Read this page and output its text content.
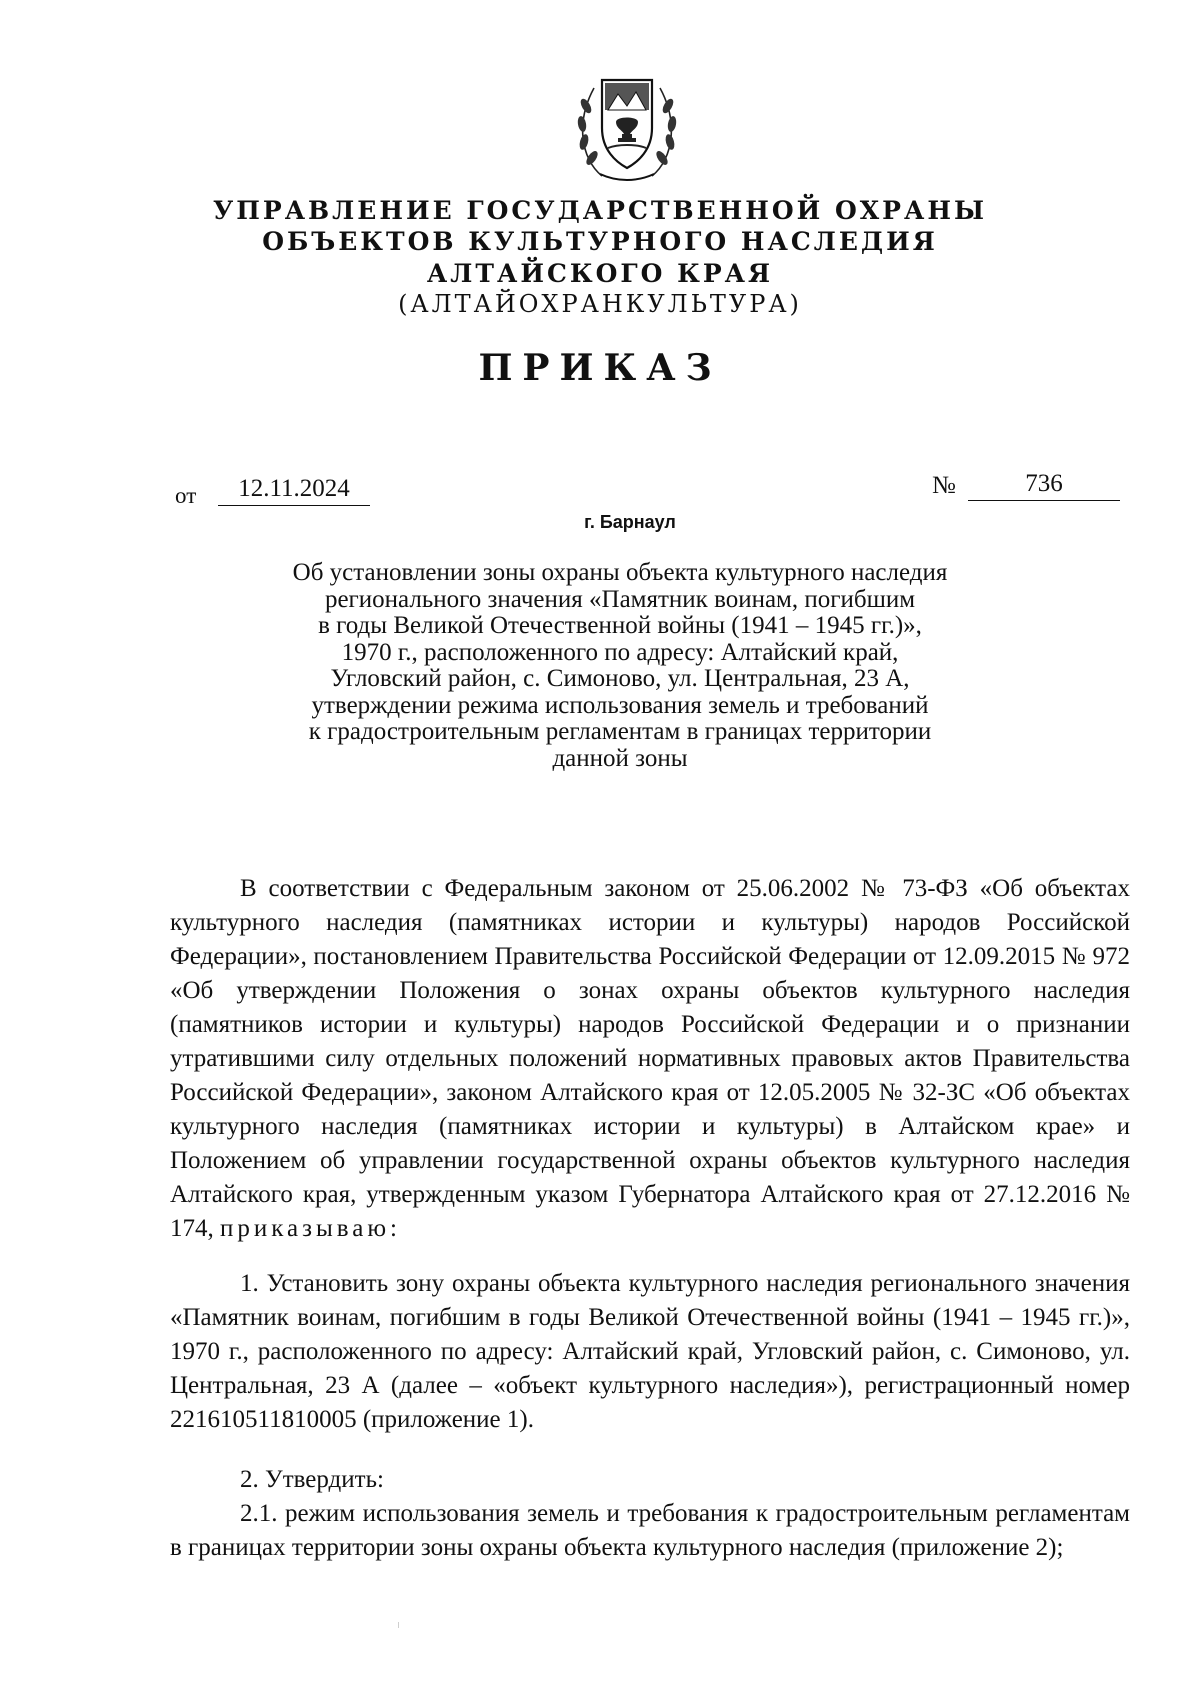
УПРАВЛЕНИЕ ГОСУДАРСТВЕННОЙ ОХРАНЫ
ОБЪЕКТОВ КУЛЬТУРНОГО НАСЛЕДИЯ
АЛТАЙСКОГО КРАЯ
(АЛТАЙОХРАНКУЛЬТУРА)
ПРИКАЗ
от	12.11.2024	№	736
г. Барнаул
Об установлении зоны охраны объекта культурного наследия
регионального значения «Памятник воинам, погибшим
в годы Великой Отечественной войны (1941 – 1945 гг.)»,
1970 г., расположенного по адресу: Алтайский край,
Угловский район, с. Симоново, ул. Центральная, 23 А,
утверждении режима использования земель и требований
к градостроительным регламентам в границах территории
данной зоны
В соответствии с Федеральным законом от 25.06.2002 № 73-ФЗ «Об объектах культурного наследия (памятниках истории и культуры) народов Российской Федерации», постановлением Правительства Российской Федерации от 12.09.2015 № 972 «Об утверждении Положения о зонах охраны объектов культурного наследия (памятников истории и культуры) народов Российской Федерации и о признании утратившими силу отдельных положений нормативных правовых актов Правительства Российской Федерации», законом Алтайского края от 12.05.2005 № 32-ЗС «Об объектах культурного наследия (памятниках истории и культуры) в Алтайском крае» и Положением об управлении государственной охраны объектов культурного наследия Алтайского края, утвержденным указом Губернатора Алтайского края от 27.12.2016 № 174, приказываю:
1. Установить зону охраны объекта культурного наследия регионального значения «Памятник воинам, погибшим в годы Великой Отечественной войны (1941 – 1945 гг.)», 1970 г., расположенного по адресу: Алтайский край, Угловский район, с. Симоново, ул. Центральная, 23 А (далее – «объект культурного наследия»), регистрационный номер 221610511810005 (приложение 1).
2. Утвердить:
2.1. режим использования земель и требования к градостроительным регламентам в границах территории зоны охраны объекта культурного наследия (приложение 2);
